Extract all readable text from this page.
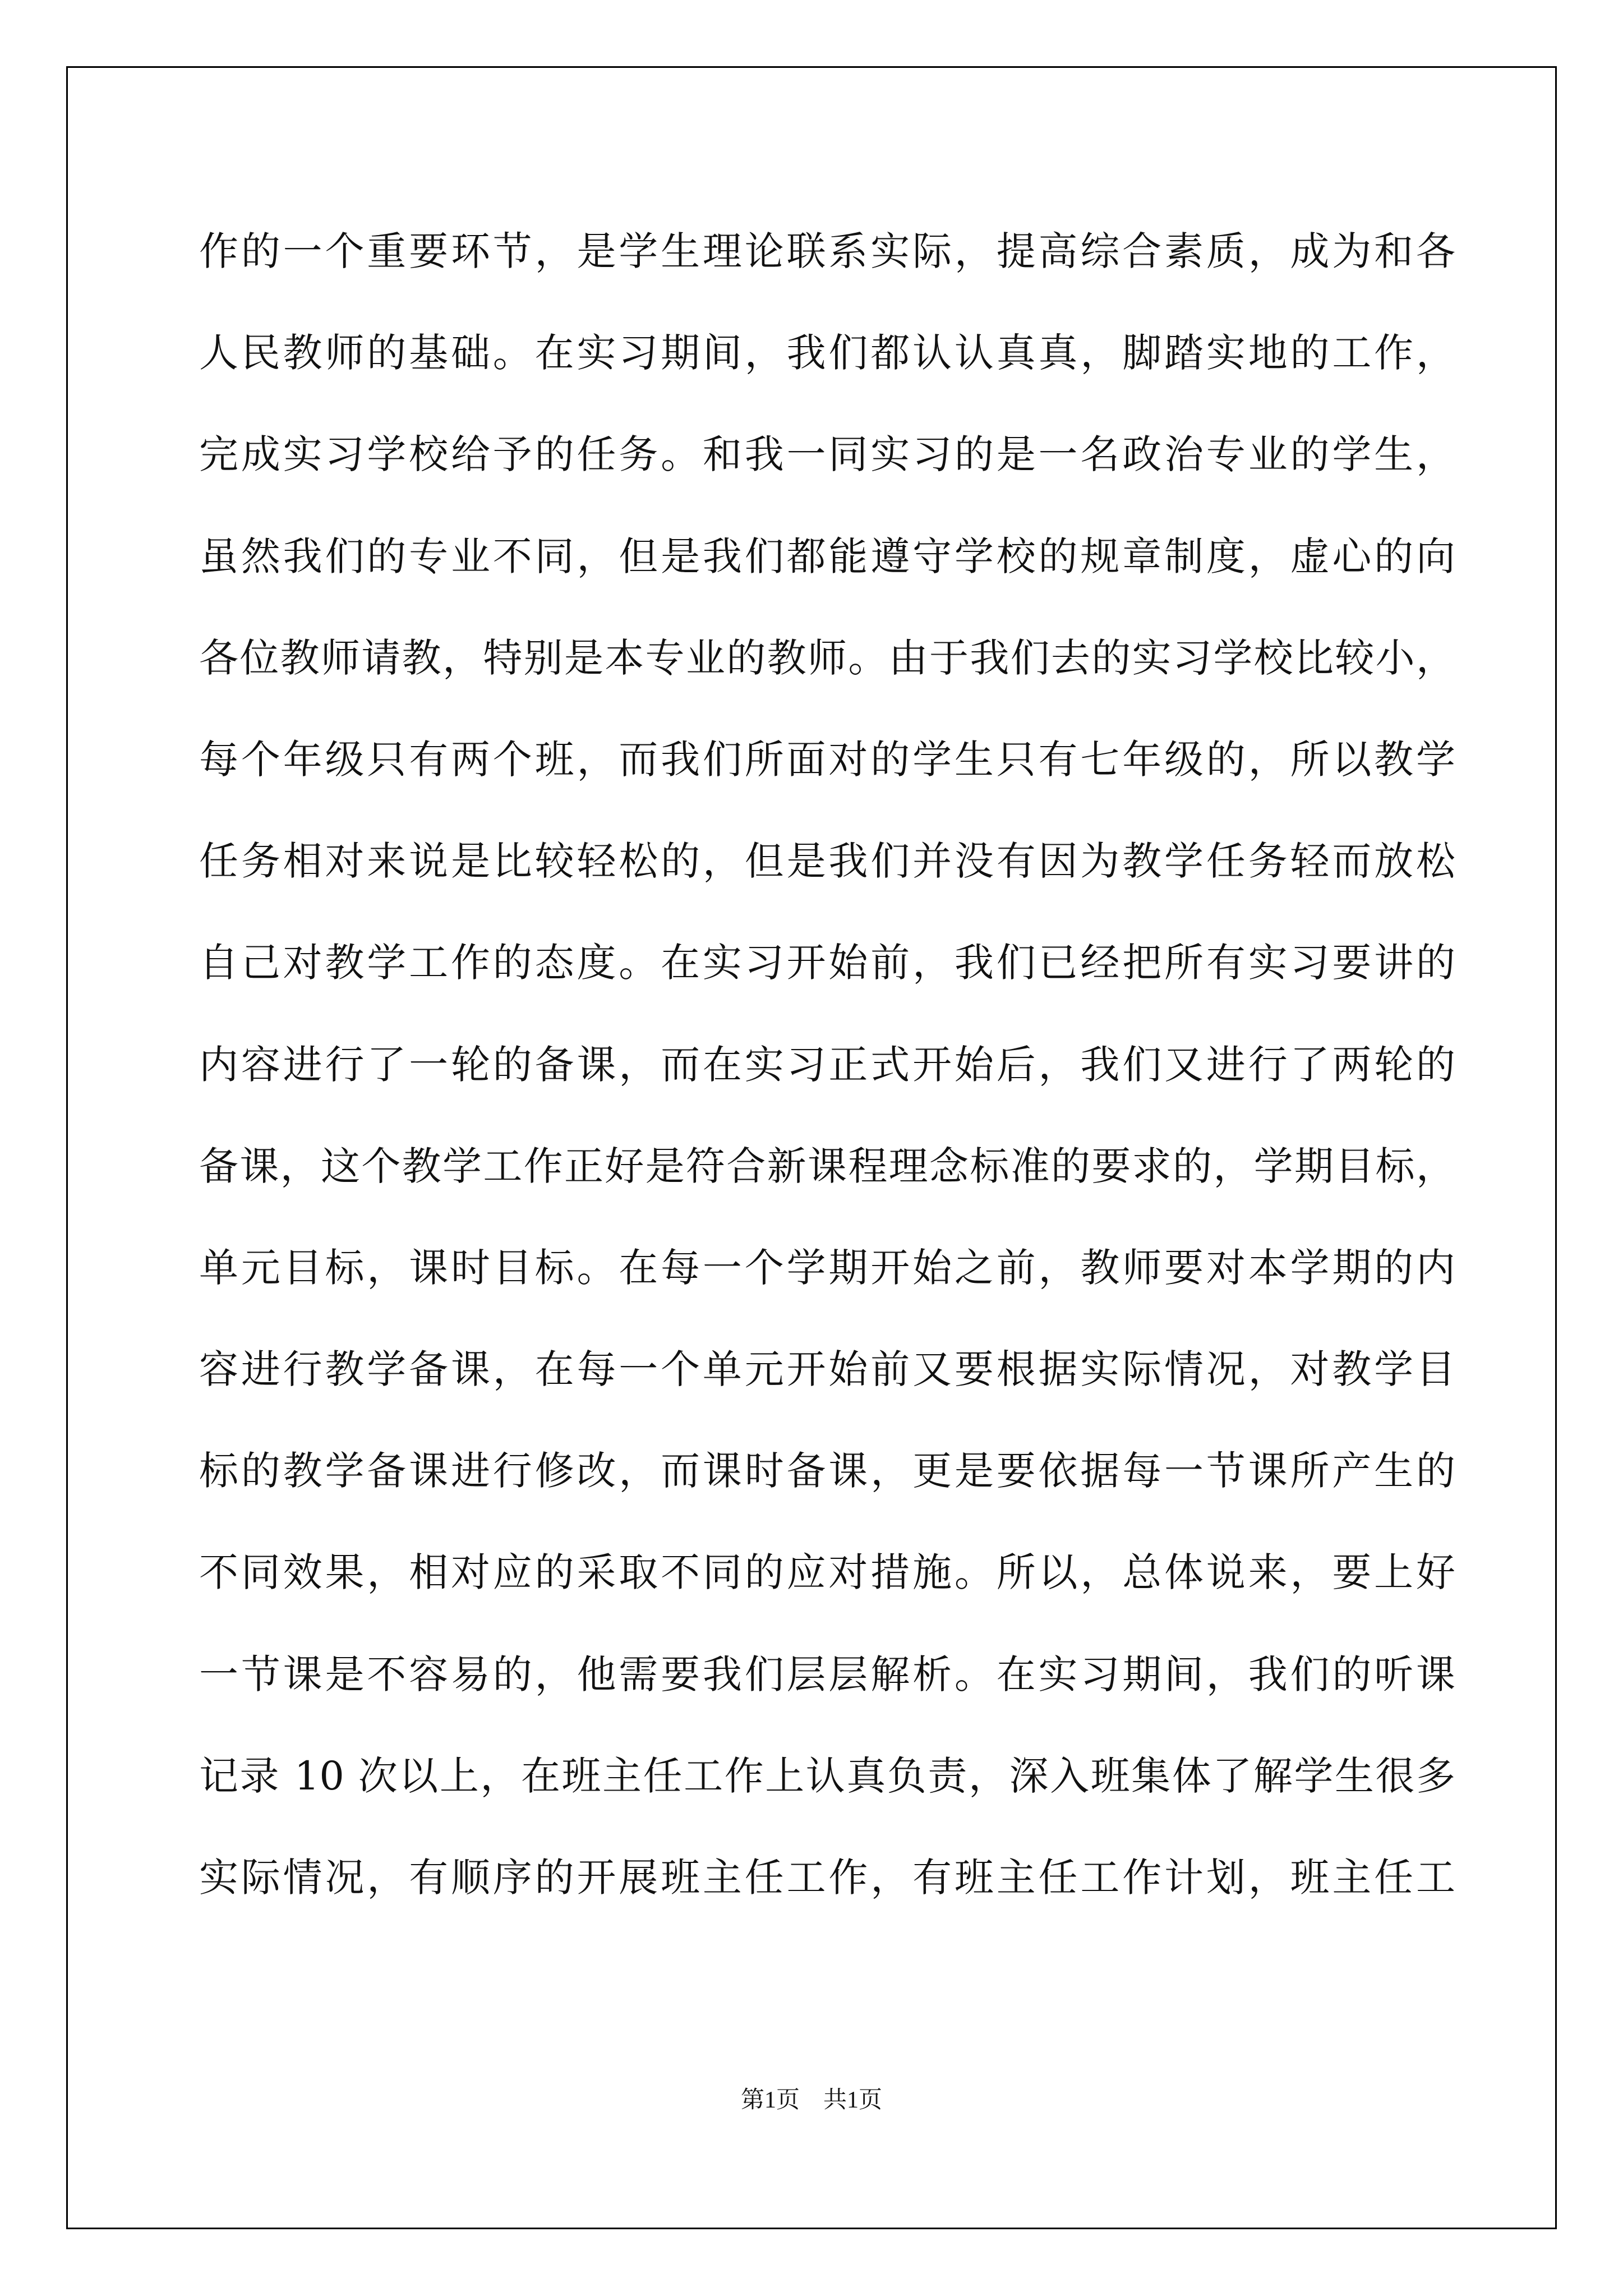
作的一个重要环节，是学生理论联系实际，提高综合素质，成为和各
人民教师的基础。在实习期间，我们都认认真真，脚踏实地的工作，
完成实习学校给予的任务。和我一同实习的是一名政治专业的学生，
虽然我们的专业不同，但是我们都能遵守学校的规章制度，虚心的向
各位教师请教，特别是本专业的教师。由于我们去的实习学校比较小，
每个年级只有两个班，而我们所面对的学生只有七年级的，所以教学
任务相对来说是比较轻松的，但是我们并没有因为教学任务轻而放松
自己对教学工作的态度。在实习开始前，我们已经把所有实习要讲的
内容进行了一轮的备课，而在实习正式开始后，我们又进行了两轮的
备课，这个教学工作正好是符合新课程理念标准的要求的，学期目标，
单元目标，课时目标。在每一个学期开始之前，教师要对本学期的内
容进行教学备课，在每一个单元开始前又要根据实际情况，对教学目
标的教学备课进行修改，而课时备课，更是要依据每一节课所产生的
不同效果，相对应的采取不同的应对措施。所以，总体说来，要上好
一节课是不容易的，他需要我们层层解析。在实习期间，我们的听课
记录 10 次以上，在班主任工作上认真负责，深入班集体了解学生很多
实际情况，有顺序的开展班主任工作，有班主任工作计划，班主任工
第1页　共1页
